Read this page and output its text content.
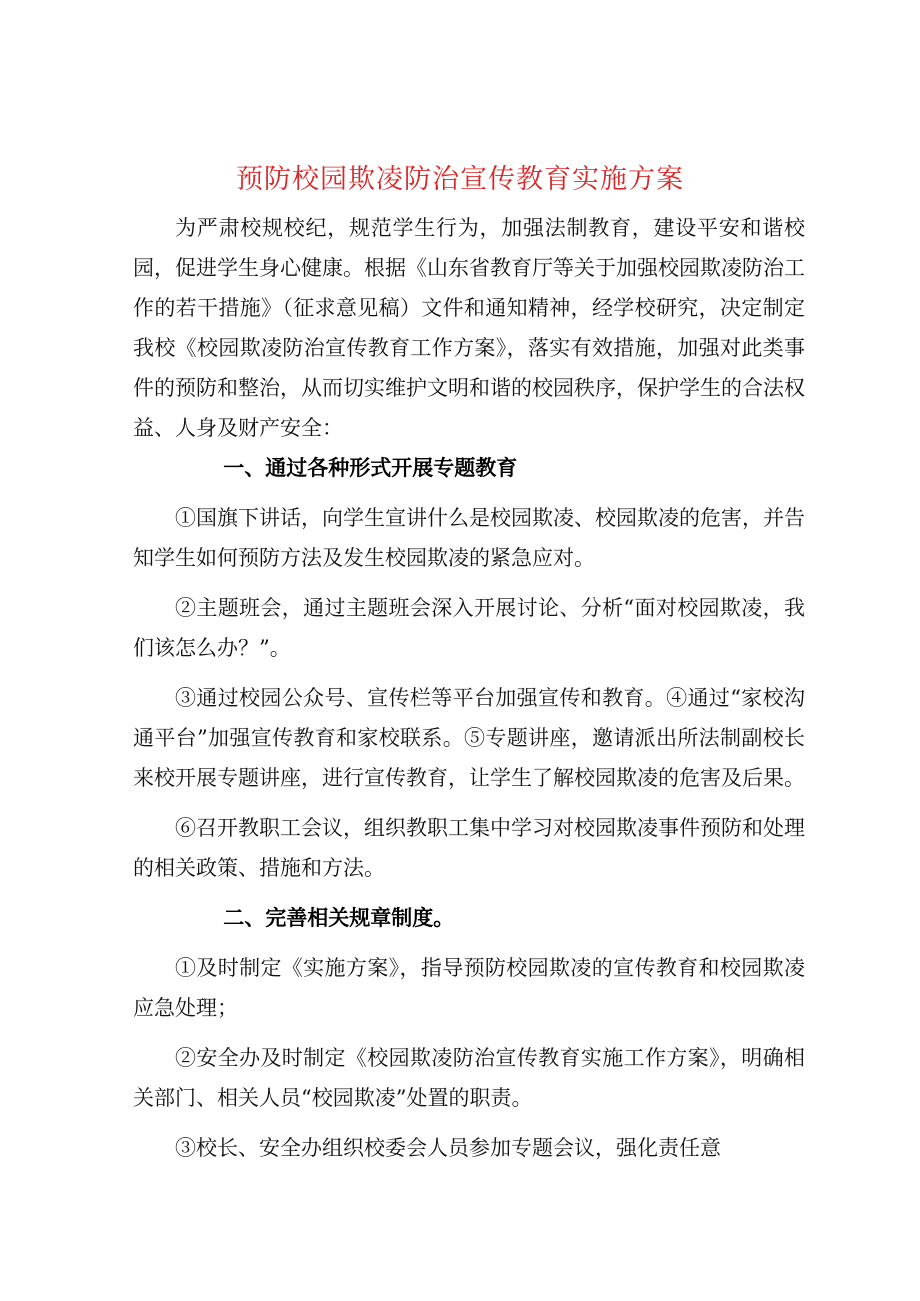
预防校园欺凌防治宣传教育实施方案

为严肃校规校纪，规范学生行为，加强法制教育，建设平安和谐校园，促进学生身心健康。根据《山东省教育厅等关于加强校园欺凌防治工作的若干措施》（征求意见稿）文件和通知精神，经学校研究，决定制定我校《校园欺凌防治宣传教育工作方案》，落实有效措施，加强对此类事件的预防和整治，从而切实维护文明和谐的校园秩序，保护学生的合法权益、人身及财产安全：

一、通过各种形式开展专题教育

①国旗下讲话，向学生宣讲什么是校园欺凌、校园欺凌的危害，并告知学生如何预防方法及发生校园欺凌的紧急应对。

②主题班会，通过主题班会深入开展讨论、分析“面对校园欺凌，我们该怎么办？”。

③通过校园公众号、宣传栏等平台加强宣传和教育。④通过“家校沟通平台”加强宣传教育和家校联系。⑤专题讲座，邀请派出所法制副校长来校开展专题讲座，进行宣传教育，让学生了解校园欺凌的危害及后果。

⑥召开教职工会议，组织教职工集中学习对校园欺凌事件预防和处理的相关政策、措施和方法。

二、完善相关规章制度。

①及时制定《实施方案》，指导预防校园欺凌的宣传教育和校园欺凌应急处理；

②安全办及时制定《校园欺凌防治宣传教育实施工作方案》，明确相关部门、相关人员“校园欺凌”处置的职责。

③校长、安全办组织校委会人员参加专题会议，强化责任意
